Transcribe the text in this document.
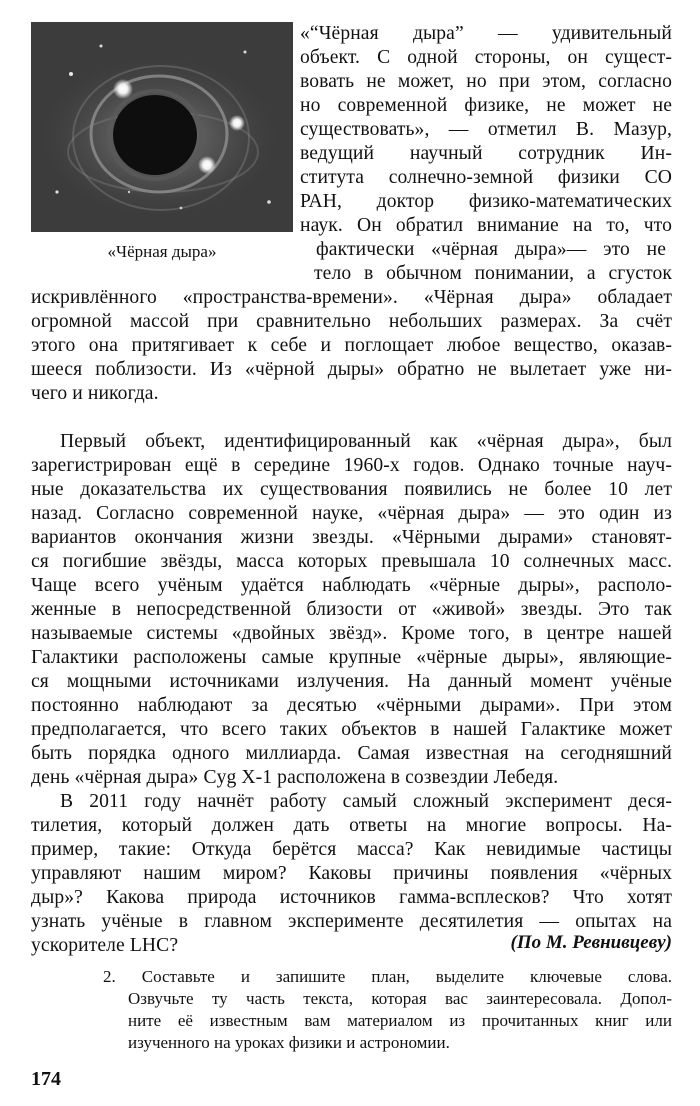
«Чёрная дыра»
«“Чёрная дыра” — удивительный
объект. С одной стороны, он сущест-
вовать не может, но при этом, согласно
но современной физике, не может не
существовать», — отметил В. Мазур,
ведущий научный сотрудник Ин-
ститута солнечно-земной физики СО
РАН, доктор физико-математических
наук. Он обратил внимание на то, что
фактически «чёрная дыра»— это не
тело в обычном понимании, а сгусток
искривлённого «пространства-времени». «Чёрная дыра» обладает
огромной массой при сравнительно небольших размерах. За счёт
этого она притягивает к себе и поглощает любое вещество, оказав-
шееся поблизости. Из «чёрной дыры» обратно не вылетает уже ни-
чего и никогда.
Первый объект, идентифицированный как «чёрная дыра», был
зарегистрирован ещё в середине 1960-х годов. Однако точные науч-
ные доказательства их существования появились не более 10 лет
назад. Согласно современной науке, «чёрная дыра» — это один из
вариантов окончания жизни звезды. «Чёрными дырами» становят-
ся погибшие звёзды, масса которых превышала 10 солнечных масс.
Чаще всего учёным удаётся наблюдать «чёрные дыры», располо-
женные в непосредственной близости от «живой» звезды. Это так
называемые системы «двойных звёзд». Кроме того, в центре нашей
Галактики расположены самые крупные «чёрные дыры», являющие-
ся мощными источниками излучения. На данный момент учёные
постоянно наблюдают за десятью «чёрными дырами». При этом
предполагается, что всего таких объектов в нашей Галактике может
быть порядка одного миллиарда. Самая известная на сегодняшний
день «чёрная дыра» Cyg X-1 расположена в созвездии Лебедя.
В 2011 году начнёт работу самый сложный эксперимент деся-
тилетия, который должен дать ответы на многие вопросы. На-
пример, такие: Откуда берётся масса? Как невидимые частицы
управляют нашим миром? Каковы причины появления «чёрных
дыр»? Какова природа источников гамма-всплесков? Что хотят
узнать учёные в главном эксперименте десятилетия — опытах на
ускорителе LHC?	(По М. Ревнивцеву)
2. Составьте и запишите план, выделите ключевые слова.
Озвучьте ту часть текста, которая вас заинтересовала. Допол-
ните её известным вам материалом из прочитанных книг или
изученного на уроках физики и астрономии.
174
